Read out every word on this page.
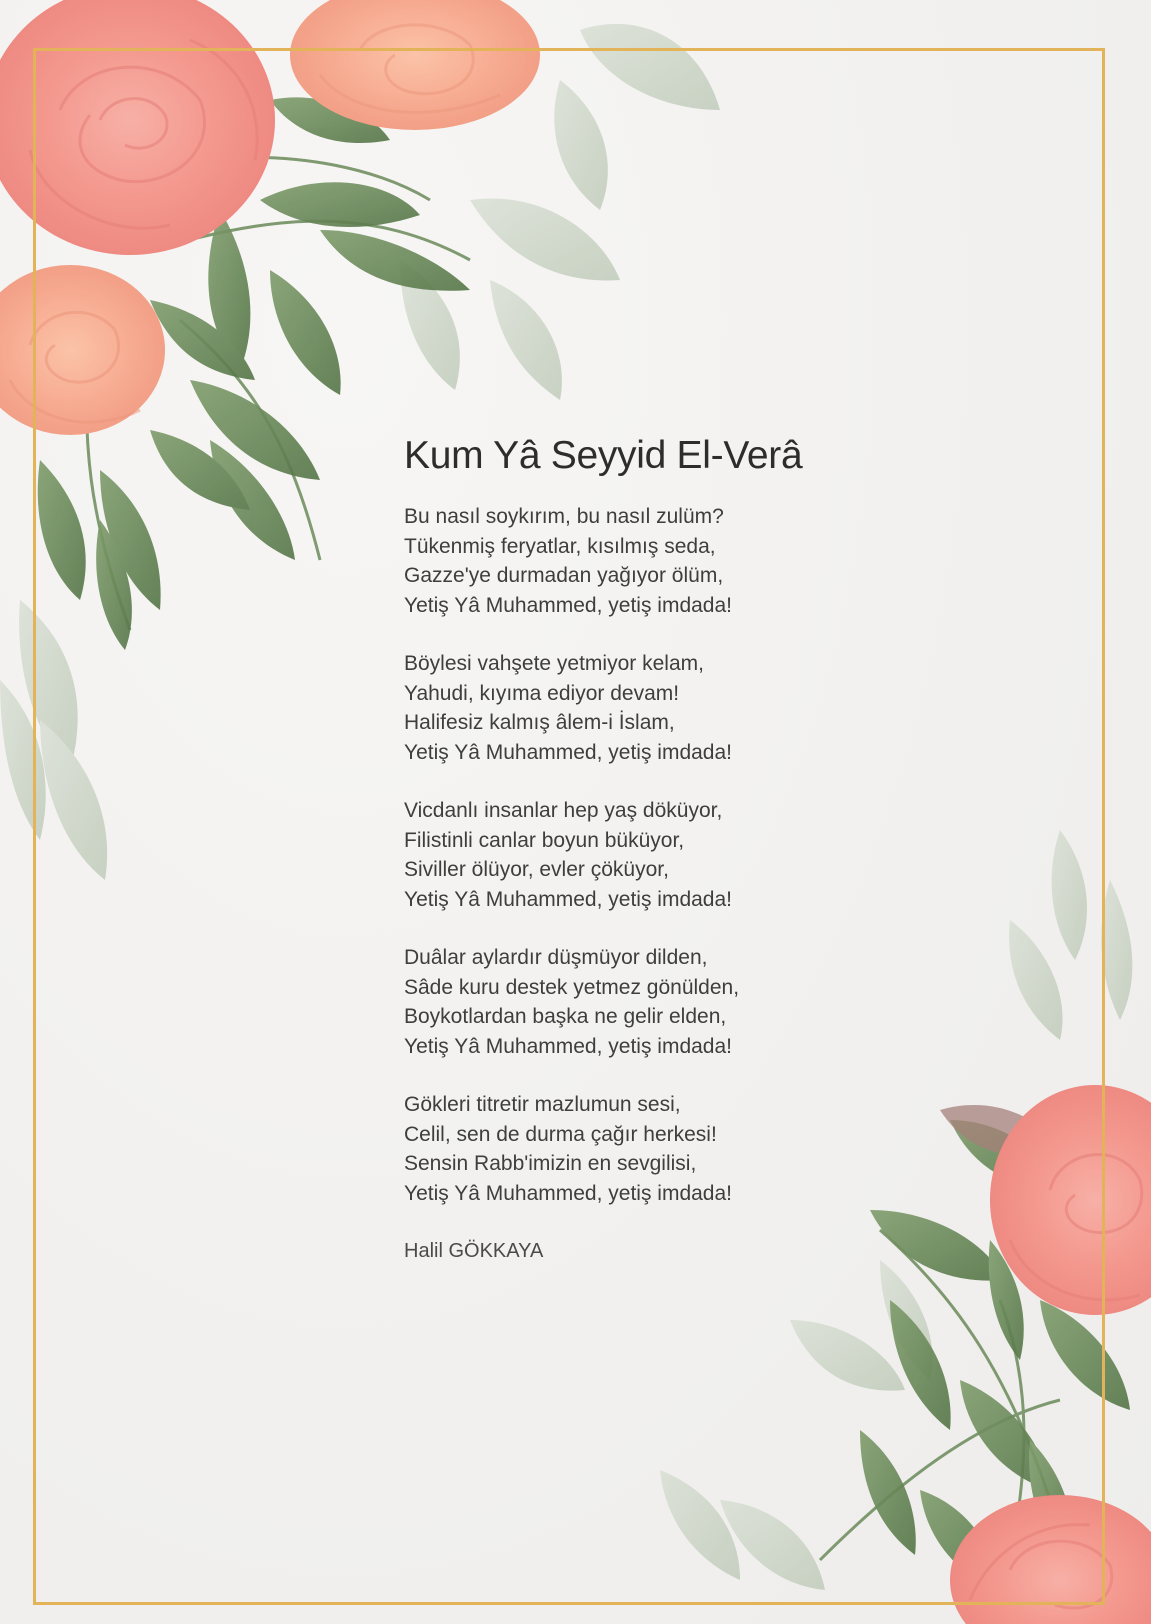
Kum Yâ Seyyid El-Verâ
Bu nasıl soykırım, bu nasıl zulüm?
Tükenmiş feryatlar, kısılmış seda,
Gazze'ye durmadan yağıyor ölüm,
Yetiş Yâ Muhammed, yetiş imdada!
Böylesi vahşete yetmiyor kelam,
Yahudi, kıyıma ediyor devam!
Halifesiz kalmış âlem-i İslam,
Yetiş Yâ Muhammed, yetiş imdada!
Vicdanlı insanlar hep yaş döküyor,
Filistinli canlar boyun büküyor,
Siviller ölüyor, evler çöküyor,
Yetiş Yâ Muhammed, yetiş imdada!
Duâlar aylardır düşmüyor dilden,
Sâde kuru destek yetmez gönülden,
Boykotlardan başka ne gelir elden,
Yetiş Yâ Muhammed, yetiş imdada!
Gökleri titretir mazlumun sesi,
Celil, sen de durma çağır herkesi!
Sensin Rabb'imizin en sevgilisi,
Yetiş Yâ Muhammed, yetiş imdada!
Halil GÖKKAYA
